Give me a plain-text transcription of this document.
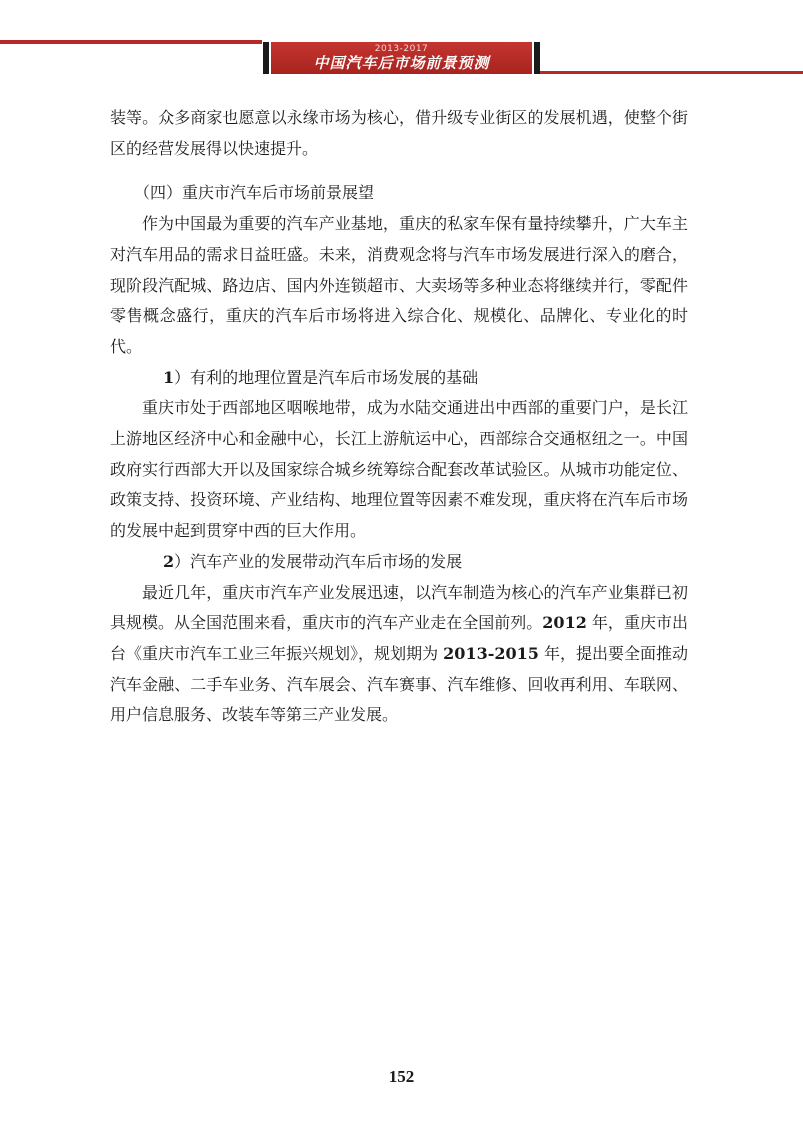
2013-2017
中国汽车后市场前景预测

装等。众多商家也愿意以永缘市场为核心，借升级专业街区的发展机遇，使整个街区的经营发展得以快速提升。

（四）重庆市汽车后市场前景展望

作为中国最为重要的汽车产业基地，重庆的私家车保有量持续攀升，广大车主对汽车用品的需求日益旺盛。未来，消费观念将与汽车市场发展进行深入的磨合，现阶段汽配城、路边店、国内外连锁超市、大卖场等多种业态将继续并行，零配件零售概念盛行，重庆的汽车后市场将进入综合化、规模化、品牌化、专业化的时代。

1）有利的地理位置是汽车后市场发展的基础

重庆市处于西部地区咽喉地带，成为水陆交通进出中西部的重要门户，是长江上游地区经济中心和金融中心，长江上游航运中心，西部综合交通枢纽之一。中国政府实行西部大开以及国家综合城乡统筹综合配套改革试验区。从城市功能定位、政策支持、投资环境、产业结构、地理位置等因素不难发现，重庆将在汽车后市场的发展中起到贯穿中西的巨大作用。

2）汽车产业的发展带动汽车后市场的发展

最近几年，重庆市汽车产业发展迅速，以汽车制造为核心的汽车产业集群已初具规模。从全国范围来看，重庆市的汽车产业走在全国前列。2012 年，重庆市出台《重庆市汽车工业三年振兴规划》，规划期为 2013-2015 年，提出要全面推动汽车金融、二手车业务、汽车展会、汽车赛事、汽车维修、回收再利用、车联网、用户信息服务、改装车等第三产业发展。

152
